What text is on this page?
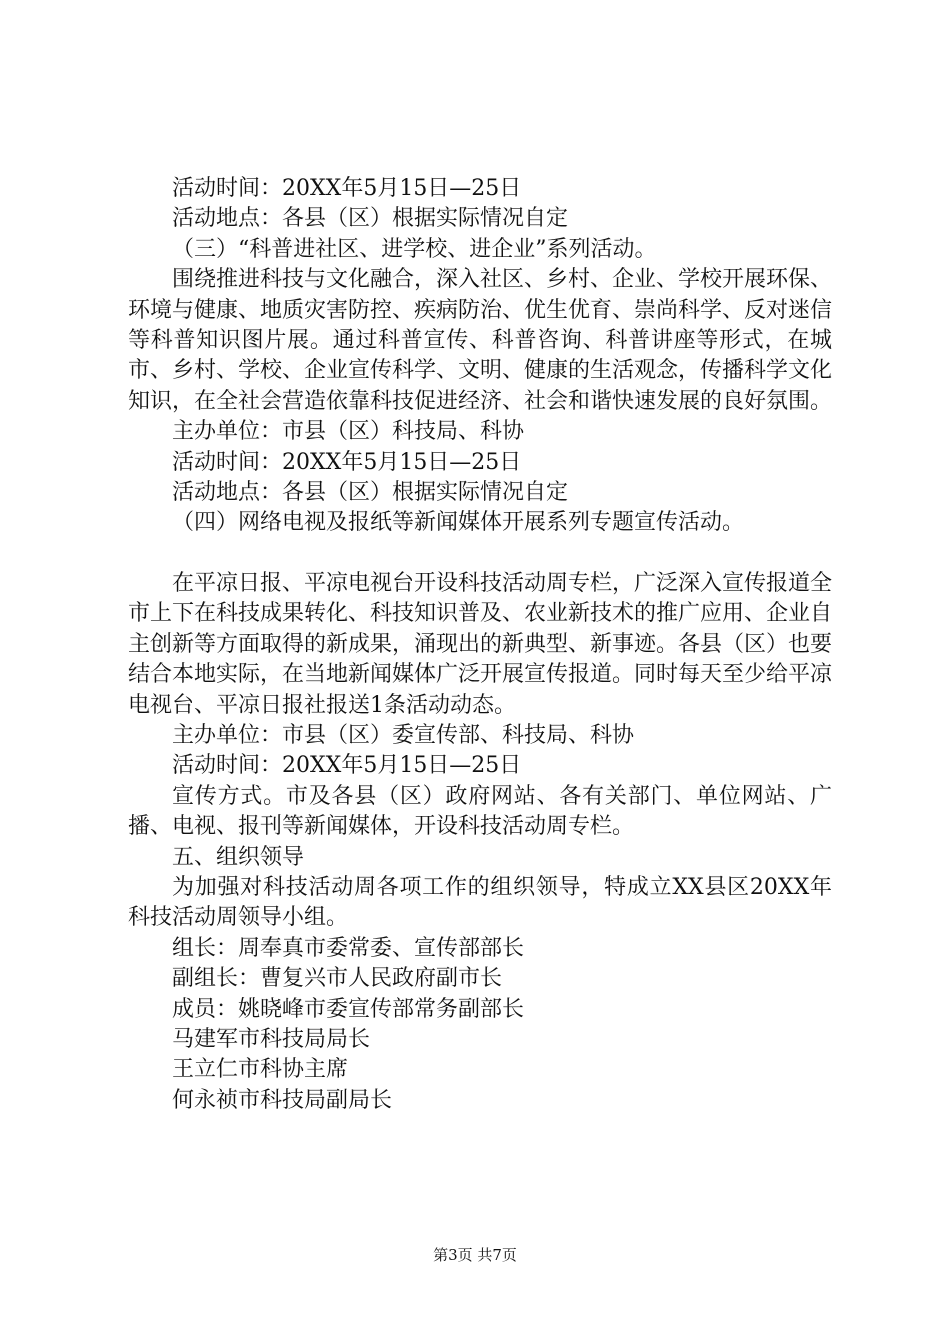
活动时间：20XX年5月15日—25日

活动地点：各县（区）根据实际情况自定

（三）“科普进社区、进学校、进企业”系列活动。

围绕推进科技与文化融合，深入社区、乡村、企业、学校开展环保、环境与健康、地质灾害防控、疾病防治、优生优育、崇尚科学、反对迷信等科普知识图片展。通过科普宣传、科普咨询、科普讲座等形式，在城市、乡村、学校、企业宣传科学、文明、健康的生活观念，传播科学文化知识，在全社会营造依靠科技促进经济、社会和谐快速发展的良好氛围。

主办单位：市县（区）科技局、科协

活动时间：20XX年5月15日—25日

活动地点：各县（区）根据实际情况自定

（四）网络电视及报纸等新闻媒体开展系列专题宣传活动。

在平凉日报、平凉电视台开设科技活动周专栏，广泛深入宣传报道全市上下在科技成果转化、科技知识普及、农业新技术的推广应用、企业自主创新等方面取得的新成果，涌现出的新典型、新事迹。各县（区）也要结合本地实际，在当地新闻媒体广泛开展宣传报道。同时每天至少给平凉电视台、平凉日报社报送1条活动动态。

主办单位：市县（区）委宣传部、科技局、科协

活动时间：20XX年5月15日—25日

宣传方式。市及各县（区）政府网站、各有关部门、单位网站、广播、电视、报刊等新闻媒体，开设科技活动周专栏。

五、组织领导

为加强对科技活动周各项工作的组织领导，特成立XX县区20XX年科技活动周领导小组。

组长：周奉真市委常委、宣传部部长

副组长：曹复兴市人民政府副市长

成员：姚晓峰市委宣传部常务副部长

马建军市科技局局长

王立仁市科协主席

何永祯市科技局副局长

第3页 共7页
